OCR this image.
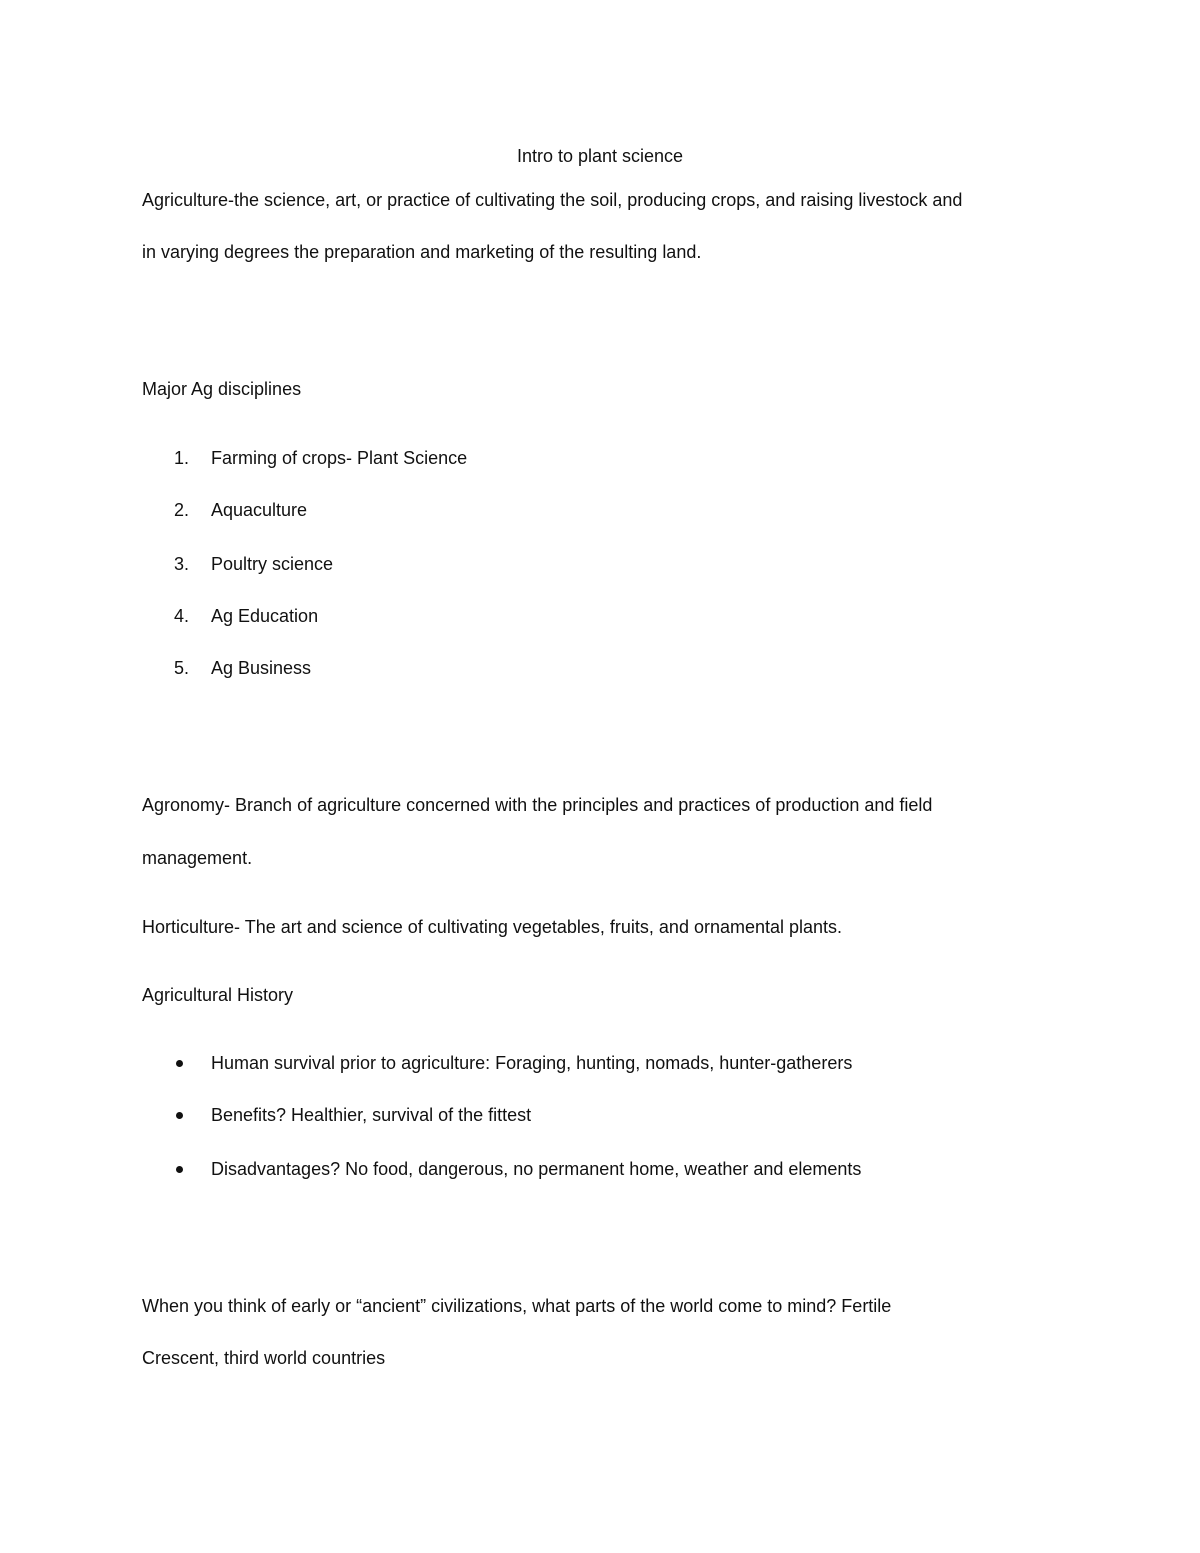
Intro to plant science
Agriculture-the science, art, or practice of cultivating the soil, producing crops, and raising livestock and
in varying degrees the preparation and marketing of the resulting land.
Major Ag disciplines
1. Farming of crops- Plant Science
2. Aquaculture
3. Poultry science
4. Ag Education
5. Ag Business
Agronomy- Branch of agriculture concerned with the principles and practices of production and field
management.
Horticulture- The art and science of cultivating vegetables, fruits, and ornamental plants.
Agricultural History
Human survival prior to agriculture: Foraging, hunting, nomads, hunter-gatherers
Benefits? Healthier, survival of the fittest
Disadvantages? No food, dangerous, no permanent home, weather and elements
When you think of early or “ancient” civilizations, what parts of the world come to mind? Fertile
Crescent, third world countries
